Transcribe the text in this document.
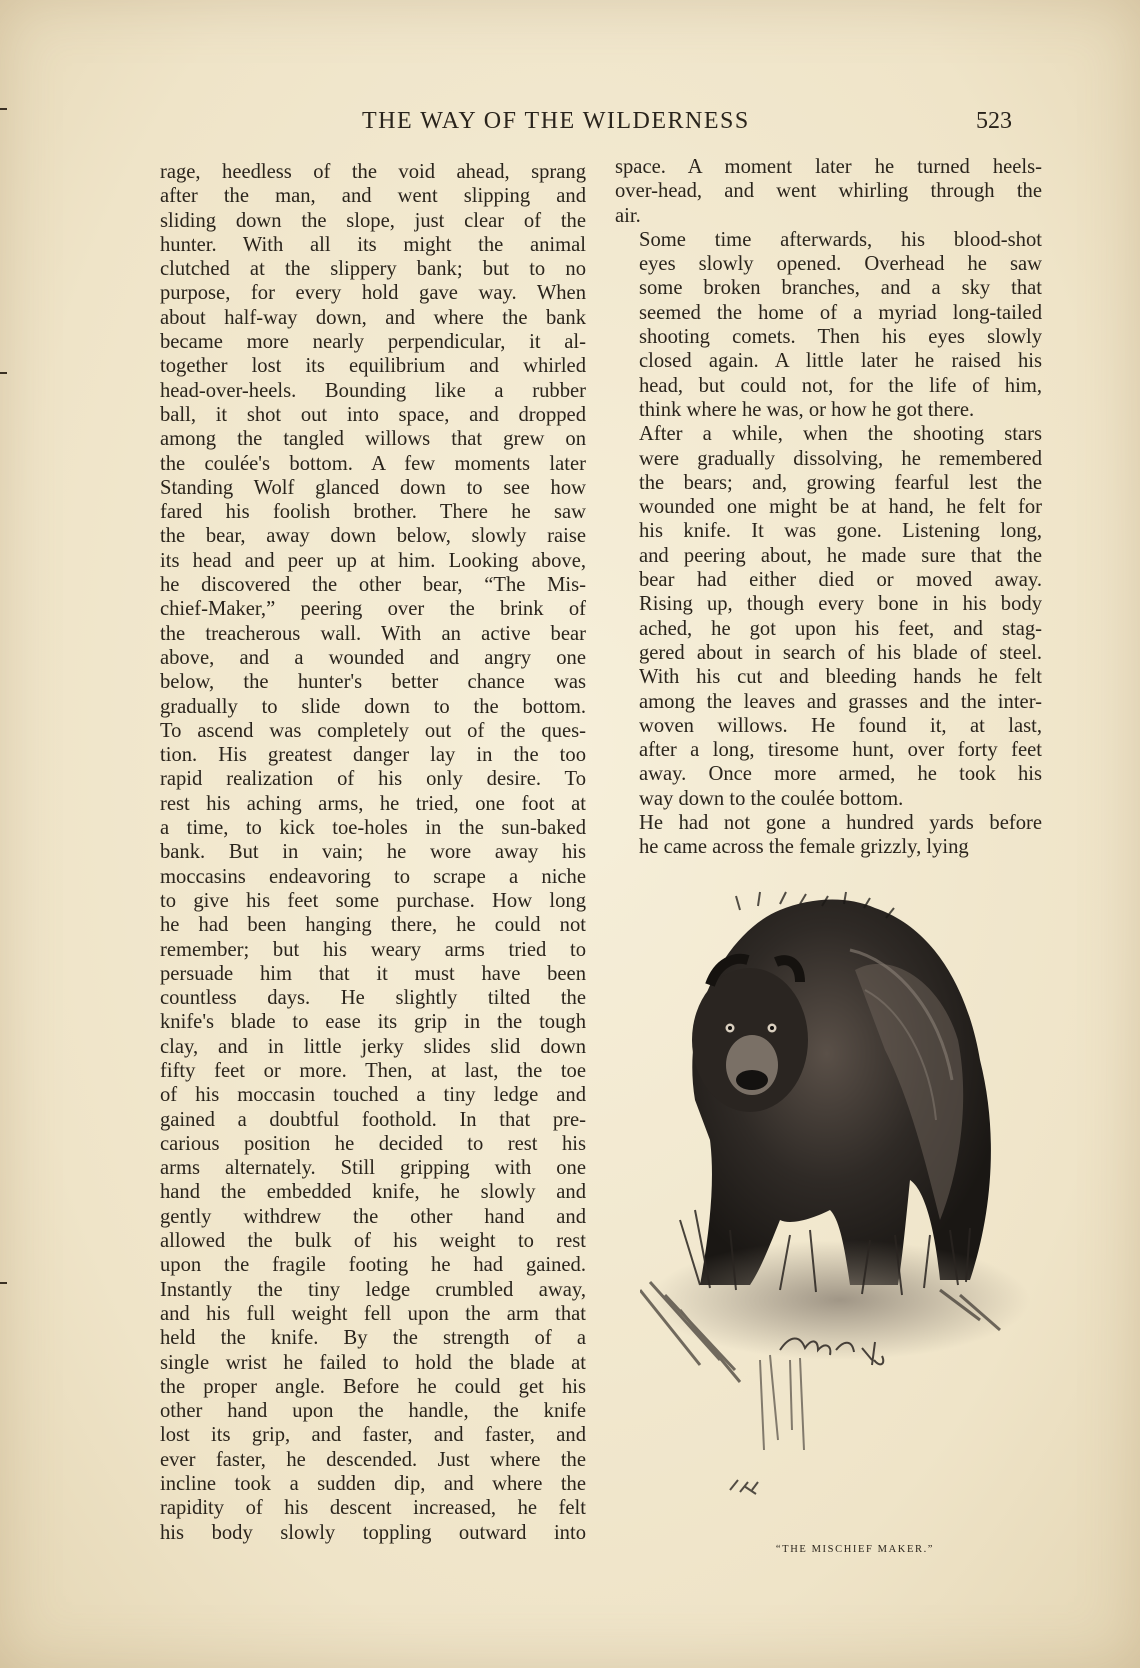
THE WAY OF THE WILDERNESS	523
rage, heedless of the void ahead, sprang
after the man, and went slipping and
sliding down the slope, just clear of the
hunter. With all its might the animal
clutched at the slippery bank; but to no
purpose, for every hold gave way. When
about half-way down, and where the bank
became more nearly perpendicular, it al-
together lost its equilibrium and whirled
head-over-heels. Bounding like a rubber
ball, it shot out into space, and dropped
among the tangled willows that grew on
the coulée's bottom. A few moments later
Standing Wolf glanced down to see how
fared his foolish brother. There he saw
the bear, away down below, slowly raise
its head and peer up at him. Looking above,
he discovered the other bear, “The Mis-
chief-Maker,” peering over the brink of
the treacherous wall. With an active bear
above, and a wounded and angry one
below, the hunter's better chance was
gradually to slide down to the bottom.
To ascend was completely out of the ques-
tion. His greatest danger lay in the too
rapid realization of his only desire. To
rest his aching arms, he tried, one foot at
a time, to kick toe-holes in the sun-baked
bank. But in vain; he wore away his
moccasins endeavoring to scrape a niche
to give his feet some purchase. How long
he had been hanging there, he could not
remember; but his weary arms tried to
persuade him that it must have been
countless days. He slightly tilted the
knife's blade to ease its grip in the tough
clay, and in little jerky slides slid down
fifty feet or more. Then, at last, the toe
of his moccasin touched a tiny ledge and
gained a doubtful foothold. In that pre-
carious position he decided to rest his
arms alternately. Still gripping with one
hand the embedded knife, he slowly and
gently withdrew the other hand and
allowed the bulk of his weight to rest
upon the fragile footing he had gained.
Instantly the tiny ledge crumbled away,
and his full weight fell upon the arm that
held the knife. By the strength of a
single wrist he failed to hold the blade at
the proper angle. Before he could get his
other hand upon the handle, the knife
lost its grip, and faster, and faster, and
ever faster, he descended. Just where the
incline took a sudden dip, and where the
rapidity of his descent increased, he felt
his body slowly toppling outward into

space. A moment later he turned heels-
over-head, and went whirling through the
air.

Some time afterwards, his blood-shot
eyes slowly opened. Overhead he saw
some broken branches, and a sky that
seemed the home of a myriad long-tailed
shooting comets. Then his eyes slowly
closed again. A little later he raised his
head, but could not, for the life of him,
think where he was, or how he got there.

After a while, when the shooting stars
were gradually dissolving, he remembered
the bears; and, growing fearful lest the
wounded one might be at hand, he felt for
his knife. It was gone. Listening long,
and peering about, he made sure that the
bear had either died or moved away.
Rising up, though every bone in his body
ached, he got upon his feet, and stag-
gered about in search of his blade of steel.
With his cut and bleeding hands he felt
among the leaves and grasses and the inter-
woven willows. He found it, at last,
after a long, tiresome hunt, over forty feet
away. Once more armed, he took his
way down to the coulée bottom.

He had not gone a hundred yards before
he came across the female grizzly, lying

“THE MISCHIEF MAKER.”
